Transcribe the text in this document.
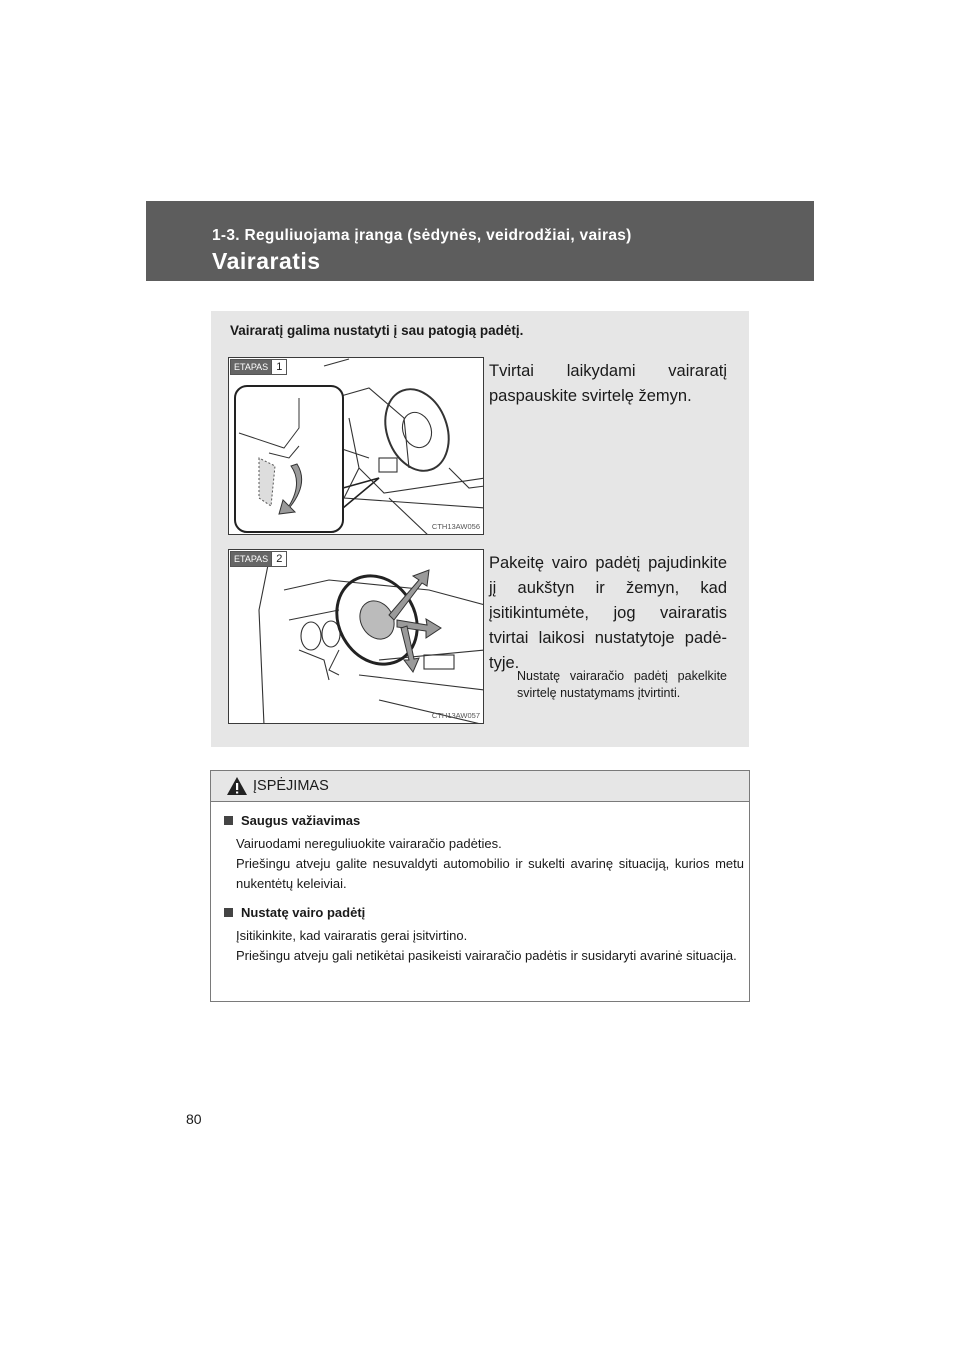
1-3. Reguliuojama įranga (sėdynės, veidrodžiai, vairas)
Vairaratis
Vairaratį galima nustatyti į sau patogią padėtį.
ETAPAS 1
CTH13AW056
Tvirtai laikydami vairaratį paspauskite svirtelę žemyn.
ETAPAS 2
CTH13AW057
Pakeitę vairo padėtį pajudinkite jį aukštyn ir žemyn, kad įsitikintumėte, jog vairaratis tvirtai laikosi nustatytoje padėtyje.
Nustatę vairaračio padėtį pakelkite svirtelę nustatymams įtvirtinti.
ĮSPĖJIMAS
Saugus važiavimas
Vairuodami nereguliuokite vairaračio padėties.
Priešingu atveju galite nesuvaldyti automobilio ir sukelti avarinę situaciją, kurios metu nukentėtų keleiviai.
Nustatę vairo padėtį
Įsitikinkite, kad vairaratis gerai įsitvirtino.
Priešingu atveju gali netikėtai pasikeisti vairaračio padėtis ir susidaryti avarinė situacija.
80
